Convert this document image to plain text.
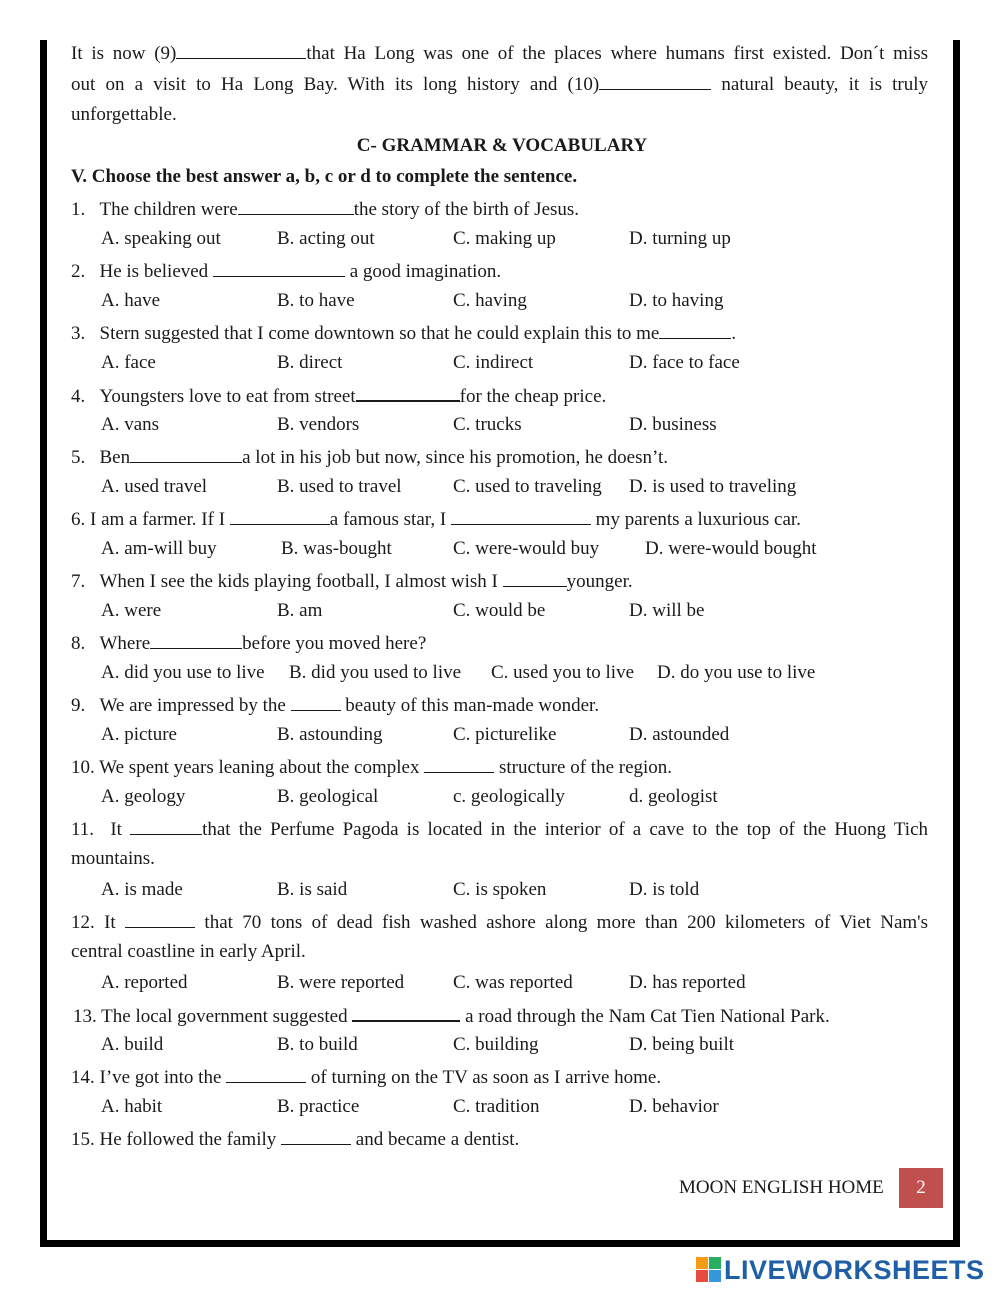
It is now (9)	that Ha Long was one of the places where humans first existed. Don´t miss
out on a visit to Ha Long Bay. With its long history and (10)	natural beauty, it is truly
unforgettable.
C- GRAMMAR & VOCABULARY
V. Choose the best answer a, b, c or d to complete the sentence.
1. The children were	the story of the birth of Jesus.
A. speaking out	B. acting out	C. making up	D. turning up
2. He is believed	a good imagination.
A. have	B. to have	C. having	D. to having
3. Stern suggested that I come downtown so that he could explain this to me	.
A. face	B. direct	C. indirect	D. face to face
4. Youngsters love to eat from street	for the cheap price.
A. vans	B. vendors	C. trucks	D. business
5. Ben	a lot in his job but now, since his promotion, he doesn’t.
A. used travel	B. used to travel	C. used to traveling D. is used to traveling
6. I am a farmer. If I	a famous star, I	my parents a luxurious car.
A. am-will buy	B. was-bought	C. were-would buy D. were-would bought
7. When I see the kids playing football, I almost wish I	younger.
A. were	B. am	C. would be	D. will be
8. Where	before you moved here?
A. did you use to live B. did you used to live C. used you to live D. do you use to live
9. We are impressed by the	beauty of this man-made wonder.
A. picture	B. astounding	C. picturelike	D. astounded
10. We spent years leaning about the complex	structure of the region.
A. geology	B. geological	c. geologically	d. geologist
11. It	that the Perfume Pagoda is located in the interior of a cave to the top of the Huong Tich
mountains.
A. is made	B. is said	C. is spoken	D. is told
12. It	that 70 tons of dead fish washed ashore along more than 200 kilometers of Viet Nam's
central coastline in early April.
A. reported	B. were reported	C. was reported	D. has reported
13. The local government suggested	a road through the Nam Cat Tien National Park.
A. build	B. to build	C. building	D. being built
14. I’ve got into the	of turning on the TV as soon as I arrive home.
A. habit	B. practice	C. tradition	D. behavior
15. He followed the family	and became a dentist.
MOON ENGLISH HOME	2
LIVEWORKSHEETS
